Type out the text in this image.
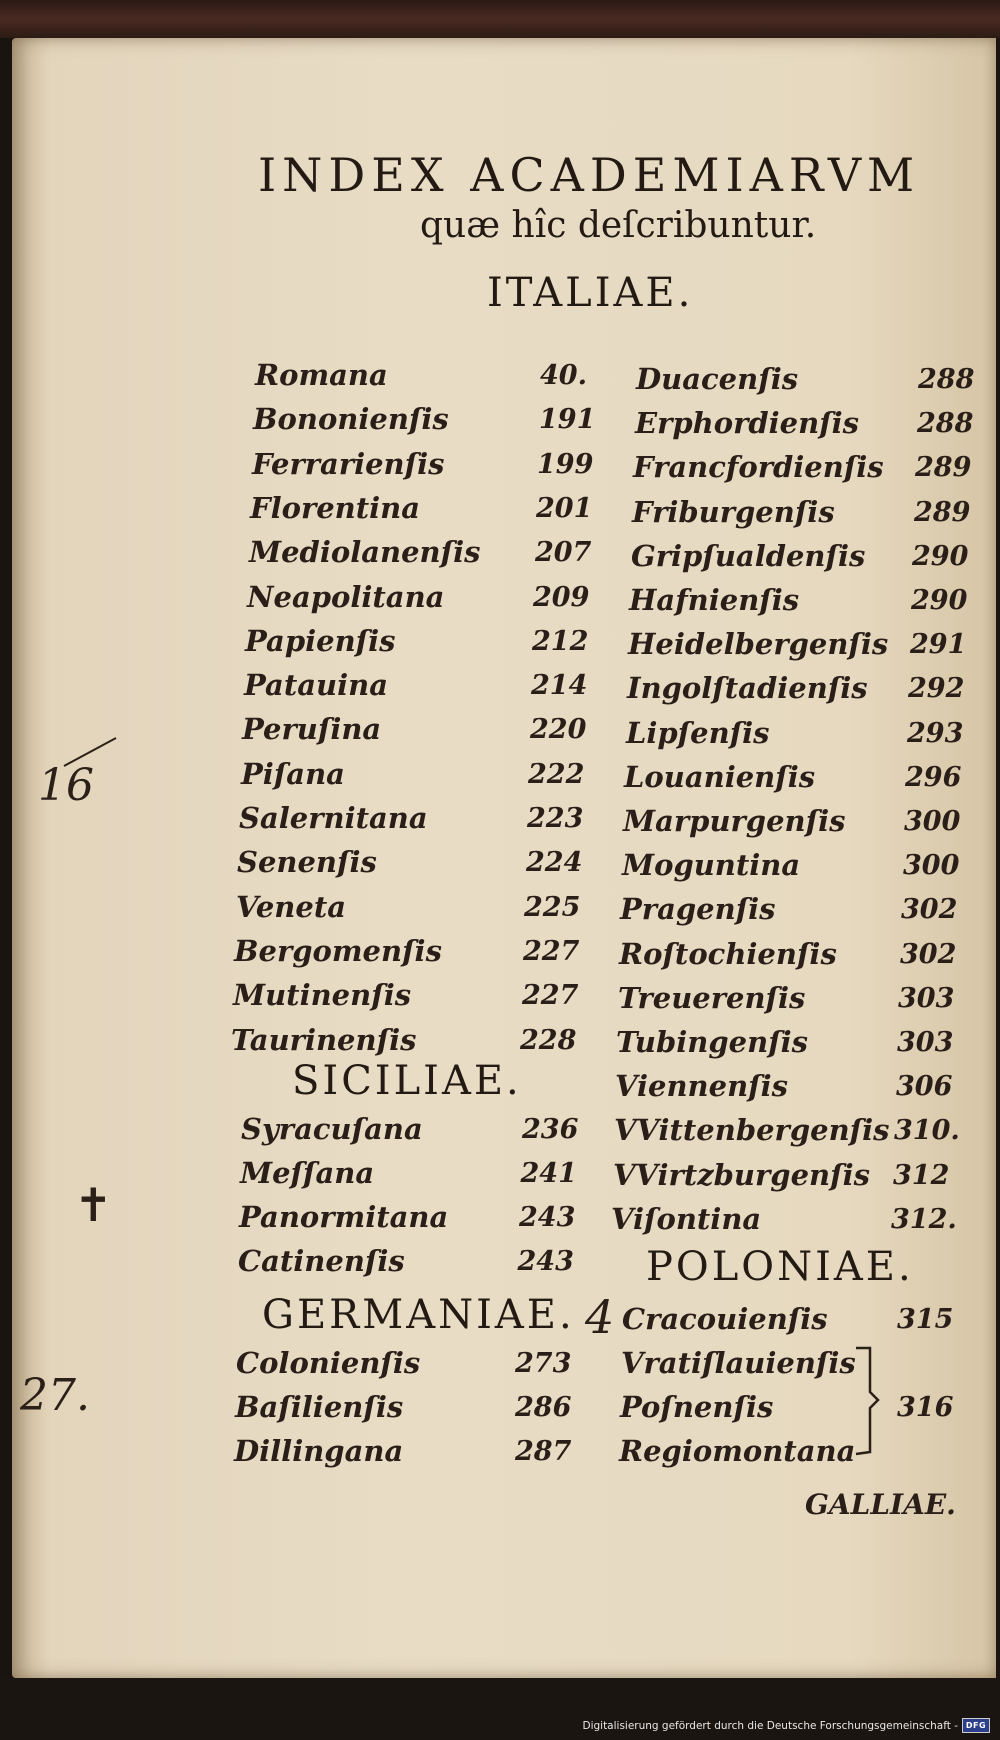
INDEX ACADEMIARVM
quæ hîc deſcribuntur.
ITALIAE.
SICILIAE.
GERMANIAE.
POLONIAE.
Romana	40.
Bononienſis	191
Ferrarienſis	199
Florentina	201
Mediolanenſis 207
Neapolitana	209
Papienſis	212
Patauina	214
Peruſina	220
Piſana	222
Salernitana	223
Senenſis	224
Veneta	225
Bergomenſis	227
Mutinenſis	227
Taurinenſis	228
Syracuſana	236
Meſſana	241
Panormitana	243
Catinenſis	243
Colonienſis	273
Baſilienſis	286
Dillingana	287
Duacenſis	288
Erphordienſis 288
Francfordienſis 289
Friburgenſis	289
Gripſualdenſis 290
Hafnienſis	290
Heidelbergenſis 291
Ingolſtadienſis 292
Lipſenſis	293
Louanienſis	296
Marpurgenſis 300
Moguntina	300
Pragenſis	302
Roſtochienſis 302
Treuerenſis	303
Tubingenſis	303
Viennenſis	306
VVittenbergenſis 310.
VVirtzburgenſis 312
Viſontina	312.
Cracouienſis	315
Vratiſlauienſis
Poſnenſis	316
Regiomontana
GALLIAE.
16
✝
27.
4
Digitalisierung gefördert durch die Deutsche Forschungsgemeinschaft - DFG
